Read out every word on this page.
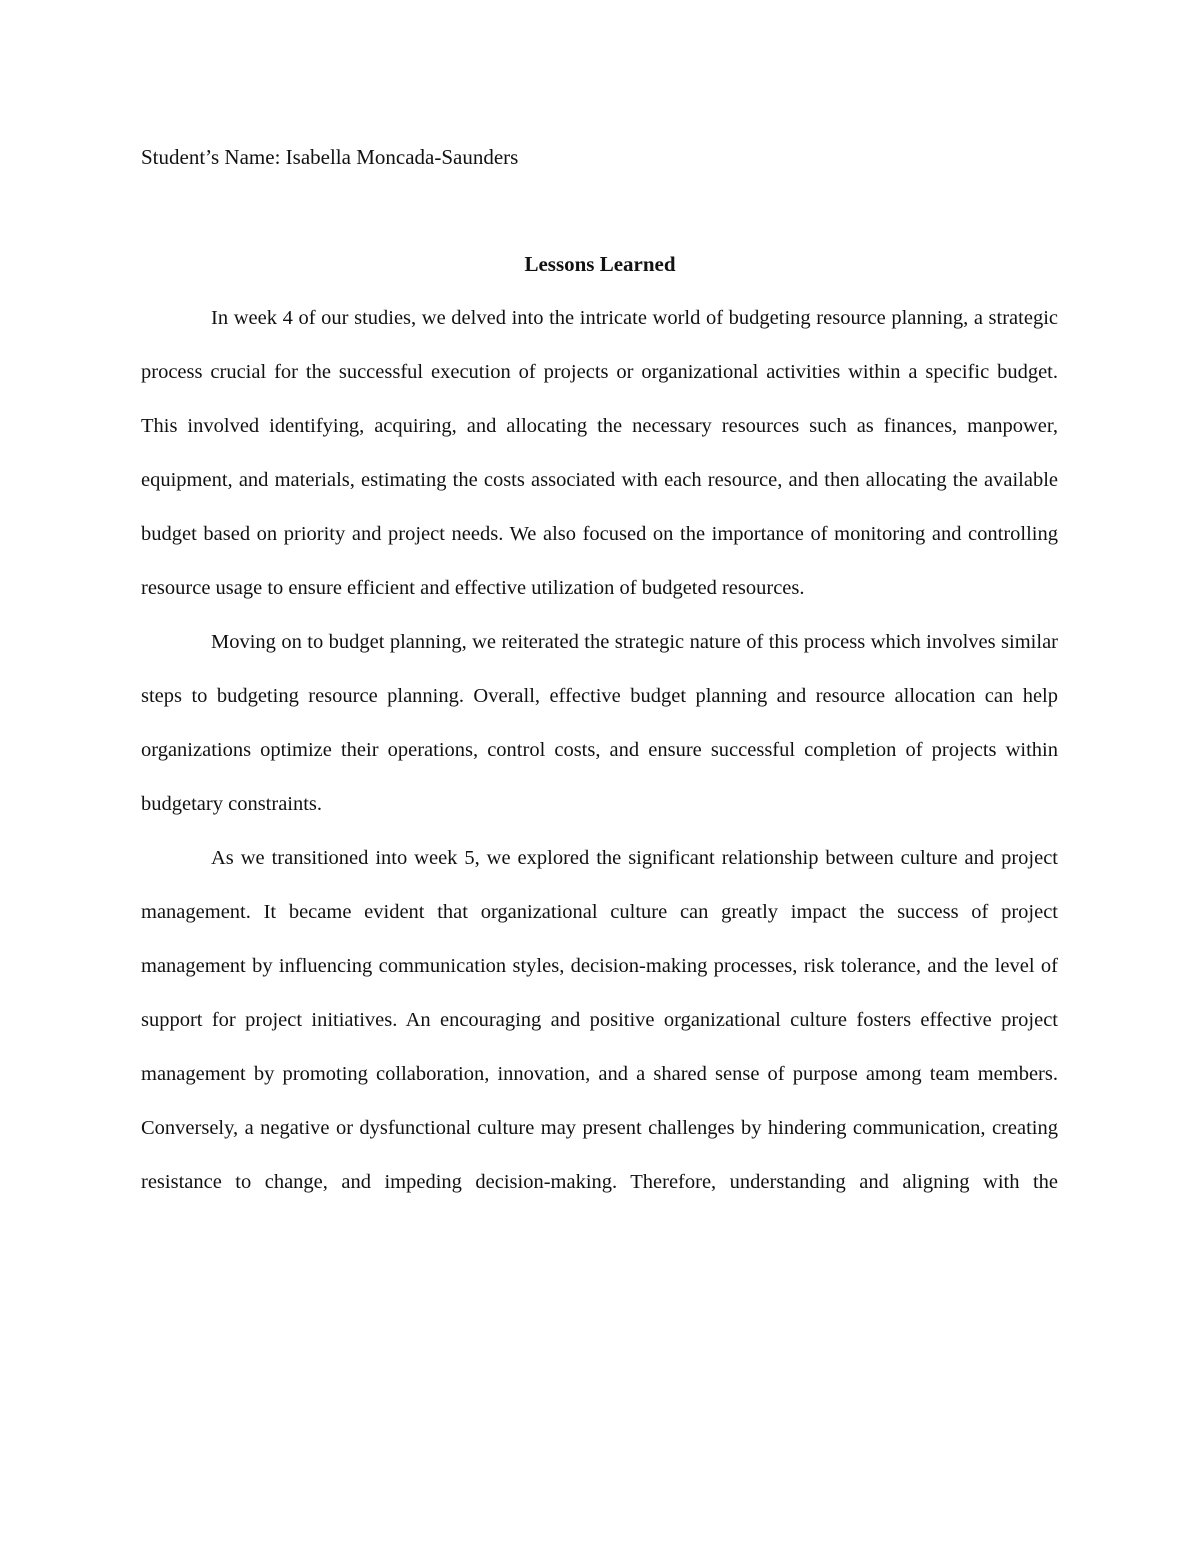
Student’s Name: Isabella Moncada-Saunders
Lessons Learned

In week 4 of our studies, we delved into the intricate world of budgeting resource planning, a strategic process crucial for the successful execution of projects or organizational activities within a specific budget. This involved identifying, acquiring, and allocating the necessary resources such as finances, manpower, equipment, and materials, estimating the costs associated with each resource, and then allocating the available budget based on priority and project needs. We also focused on the importance of monitoring and controlling resource usage to ensure efficient and effective utilization of budgeted resources.

Moving on to budget planning, we reiterated the strategic nature of this process which involves similar steps to budgeting resource planning. Overall, effective budget planning and resource allocation can help organizations optimize their operations, control costs, and ensure successful completion of projects within budgetary constraints.

As we transitioned into week 5, we explored the significant relationship between culture and project management. It became evident that organizational culture can greatly impact the success of project management by influencing communication styles, decision-making processes, risk tolerance, and the level of support for project initiatives. An encouraging and positive organizational culture fosters effective project management by promoting collaboration, innovation, and a shared sense of purpose among team members. Conversely, a negative or dysfunctional culture may present challenges by hindering communication, creating resistance to change, and impeding decision-making. Therefore, understanding and aligning with the
